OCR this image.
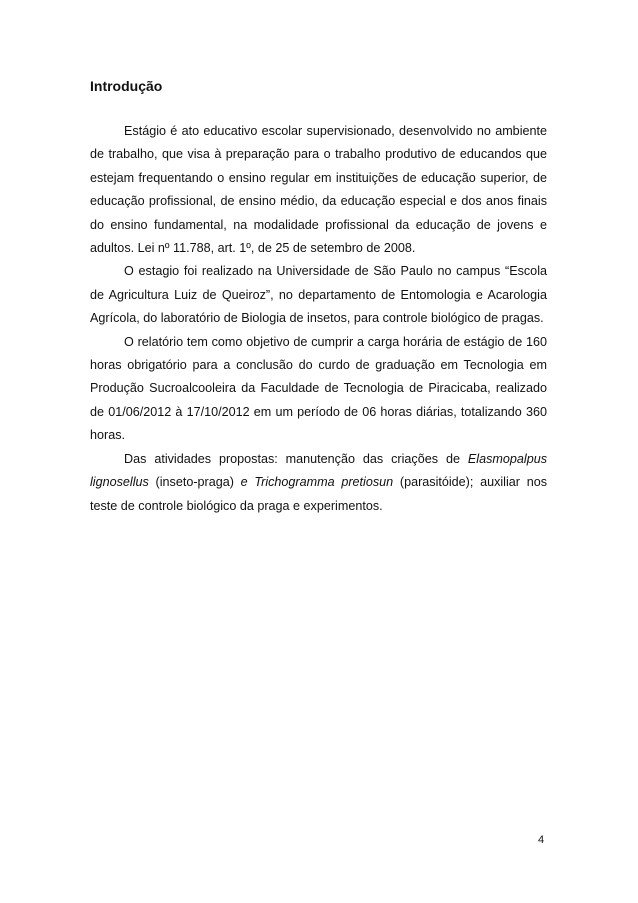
Introdução

Estágio é ato educativo escolar supervisionado, desenvolvido no ambiente de trabalho, que visa à preparação para o trabalho produtivo de educandos que estejam frequentando o ensino regular em instituições de educação superior, de educação profissional, de ensino médio, da educação especial e dos anos finais do ensino fundamental, na modalidade profissional da educação de jovens e adultos. Lei nº 11.788, art. 1º, de 25 de setembro de 2008.

O estagio foi realizado na Universidade de São Paulo no campus “Escola de Agricultura Luiz de Queiroz”, no departamento de Entomologia e Acarologia Agrícola, do laboratório de Biologia de insetos, para controle biológico de pragas.

O relatório tem como objetivo de cumprir a carga horária de estágio de 160 horas obrigatório para a conclusão do curdo de graduação em Tecnologia em Produção Sucroalcooleira da Faculdade de Tecnologia de Piracicaba, realizado de 01/06/2012 à 17/10/2012 em um período de 06 horas diárias, totalizando 360 horas.

Das atividades propostas: manutenção das criações de Elasmopalpus lignosellus (inseto-praga) e Trichogramma pretiosun (parasitóide); auxiliar nos teste de controle biológico da praga e experimentos.

4
